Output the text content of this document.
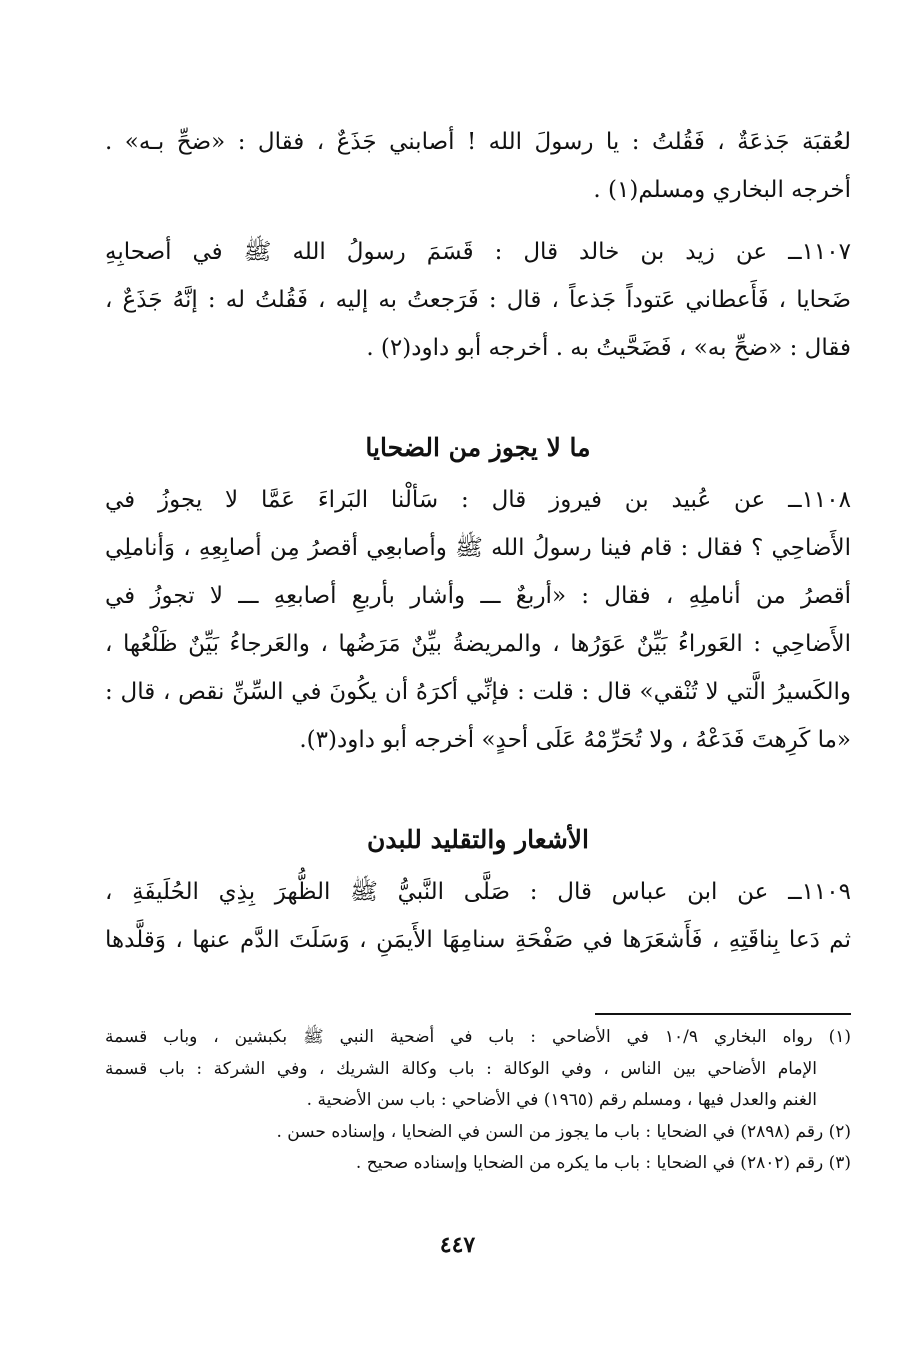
لعُقبَة جَذعَةٌ ، فَقُلتُ : يا رسولَ الله ! أصابني جَذَعٌ ، فقال : «ضحِّ بـه» .
أخرجه البخاري ومسلم(١) .
١١٠٧ــ عن زيد بن خالد قال : قَسَمَ رسولُ الله ﷺ في أصحابِهِ
ضَحايا ، فَأَعطاني عَتوداً جَذعاً ، قال : فَرَجعتُ به إليه ، فَقُلتُ له : إنَّهُ جَذَعٌ ،
فقال : «ضحِّ به» ، فَضَحَّيتُ به . أخرجه أبو داود(٢) .
ما لا يجوز من الضحايا
١١٠٨ــ عن عُبيد بن فيروز قال : سَألْنا البَراءَ عَمَّا لا يجوزُ في
الأَضاحِي ؟ فقال : قام فينا رسولُ الله ﷺ وأصابعِي أقصرُ مِن أصابِعِهِ ، وَأناملِي
أقصرُ من أناملِهِ ، فقال : «أربعٌ ـــ وأشار بأربعِ أصابعِهِ ـــ لا تجوزُ في
الأَضاحِي : العَوراءُ بَيِّنٌ عَوَرُها ، والمريضةُ بيِّنٌ مَرَضُها ، والعَرجاءُ بَيِّنٌ ظَلْعُها ،
والكَسيرُ الَّتي لا تُنْقي» قال : قلت : فإنِّي أكرَهُ أن يكُونَ في السِّنِّ نقص ، قال :
«ما كَرِهتَ فَدَعْهُ ، ولا تُحَرِّمْهُ عَلَى أحدٍ» أخرجه أبو داود(٣).
الأشعار والتقليد للبدن
١١٠٩ــ عن ابن عباس قال : صَلَّى النَّبيُّ ﷺ الظُّهرَ بِذِي الحُلَيفَةِ ،
ثم دَعا بِناقَتِهِ ، فَأَشعَرَها في صَفْحَةِ سنامِهَا الأَيمَنِ ، وَسَلَتَ الدَّم عنها ، وَقلَّدها
(١) رواه البخاري ١٠/٩ في الأضاحي : باب في أضحية النبي ﷺ بكبشين ، وباب قسمة
الإمام الأضاحي بين الناس ، وفي الوكالة : باب وكالة الشريك ، وفي الشركة : باب قسمة
الغنم والعدل فيها ، ومسلم رقم (١٩٦٥) في الأضاحي : باب سن الأضحية .
(٢) رقم (٢٨٩٨) في الضحايا : باب ما يجوز من السن في الضحايا ، وإسناده حسن .
(٣) رقم (٢٨٠٢) في الضحايا : باب ما يكره من الضحايا وإسناده صحيح .
٤٤٧
